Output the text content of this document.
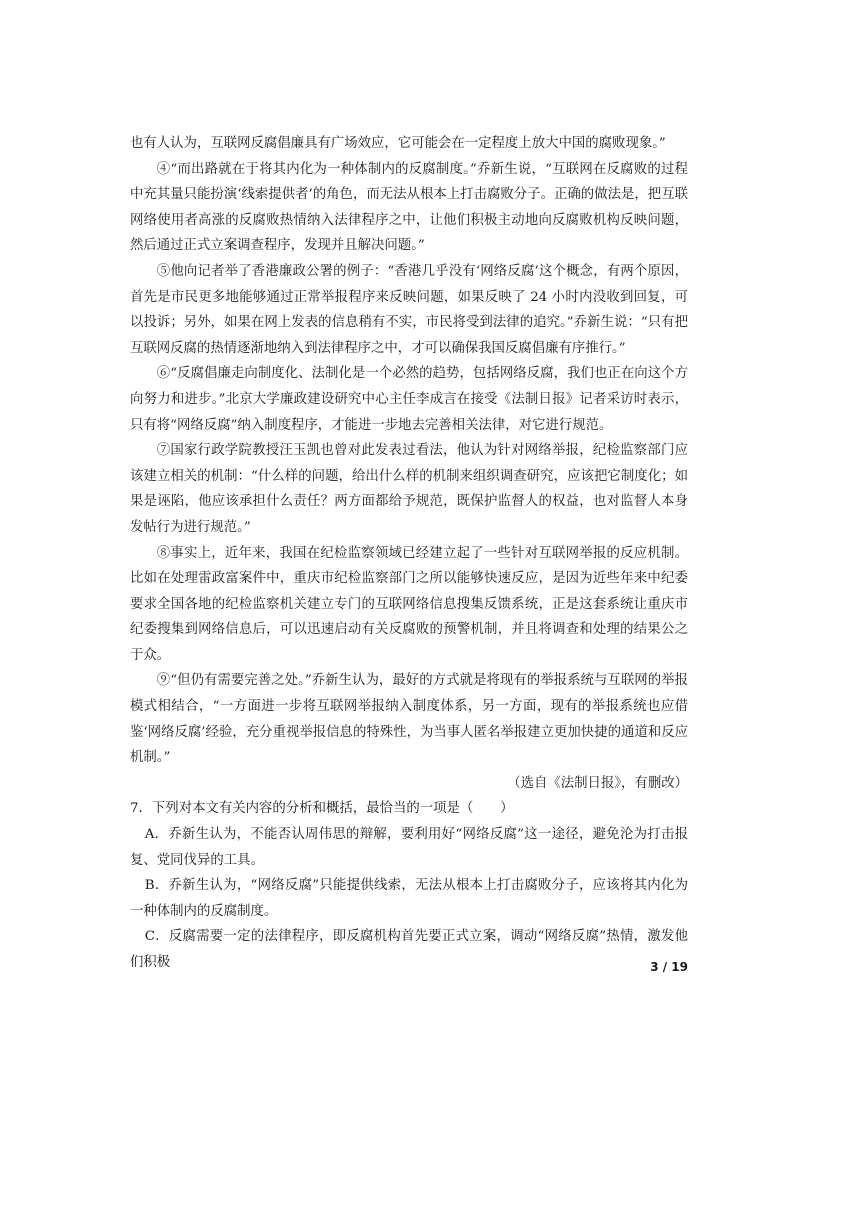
也有人认为，互联网反腐倡廉具有广场效应，它可能会在一定程度上放大中国的腐败现象。”

④“而出路就在于将其内化为一种体制内的反腐制度。”乔新生说，“互联网在反腐败的过程中充其量只能扮演‘线索提供者’的角色，而无法从根本上打击腐败分子。正确的做法是，把互联网络使用者高涨的反腐败热情纳入法律程序之中，让他们积极主动地向反腐败机构反映问题，然后通过正式立案调查程序，发现并且解决问题。”

⑤他向记者举了香港廉政公署的例子：“香港几乎没有‘网络反腐’这个概念，有两个原因，首先是市民更多地能够通过正常举报程序来反映问题，如果反映了 24 小时内没收到回复，可以投诉；另外，如果在网上发表的信息稍有不实，市民将受到法律的追究。”乔新生说：“只有把互联网反腐的热情逐渐地纳入到法律程序之中，才可以确保我国反腐倡廉有序推行。”

⑥“反腐倡廉走向制度化、法制化是一个必然的趋势，包括网络反腐，我们也正在向这个方向努力和进步。”北京大学廉政建设研究中心主任李成言在接受《法制日报》记者采访时表示，只有将“网络反腐”纳入制度程序，才能进一步地去完善相关法律，对它进行规范。

⑦国家行政学院教授汪玉凯也曾对此发表过看法，他认为针对网络举报，纪检监察部门应该建立相关的机制：“什么样的问题，给出什么样的机制来组织调查研究，应该把它制度化；如果是诬陷，他应该承担什么责任？两方面都给予规范，既保护监督人的权益，也对监督人本身发帖行为进行规范。”

⑧事实上，近年来，我国在纪检监察领域已经建立起了一些针对互联网举报的反应机制。比如在处理雷政富案件中，重庆市纪检监察部门之所以能够快速反应，是因为近些年来中纪委要求全国各地的纪检监察机关建立专门的互联网络信息搜集反馈系统，正是这套系统让重庆市纪委搜集到网络信息后，可以迅速启动有关反腐败的预警机制，并且将调查和处理的结果公之于众。

⑨“但仍有需要完善之处。”乔新生认为，最好的方式就是将现有的举报系统与互联网的举报模式相结合，“一方面进一步将互联网举报纳入制度体系，另一方面，现有的举报系统也应借鉴‘网络反腐’经验，充分重视举报信息的特殊性，为当事人匿名举报建立更加快捷的通道和反应机制。”

（选自《法制日报》，有删改）

7．下列对本文有关内容的分析和概括，最恰当的一项是（　　）

A．乔新生认为，不能否认周伟思的辩解，要利用好“网络反腐”这一途径，避免沦为打击报复、党同伐异的工具。

B．乔新生认为，“网络反腐”只能提供线索，无法从根本上打击腐败分子，应该将其内化为一种体制内的反腐制度。

C．反腐需要一定的法律程序，即反腐机构首先要正式立案，调动“网络反腐”热情，激发他们积极	3 / 19
